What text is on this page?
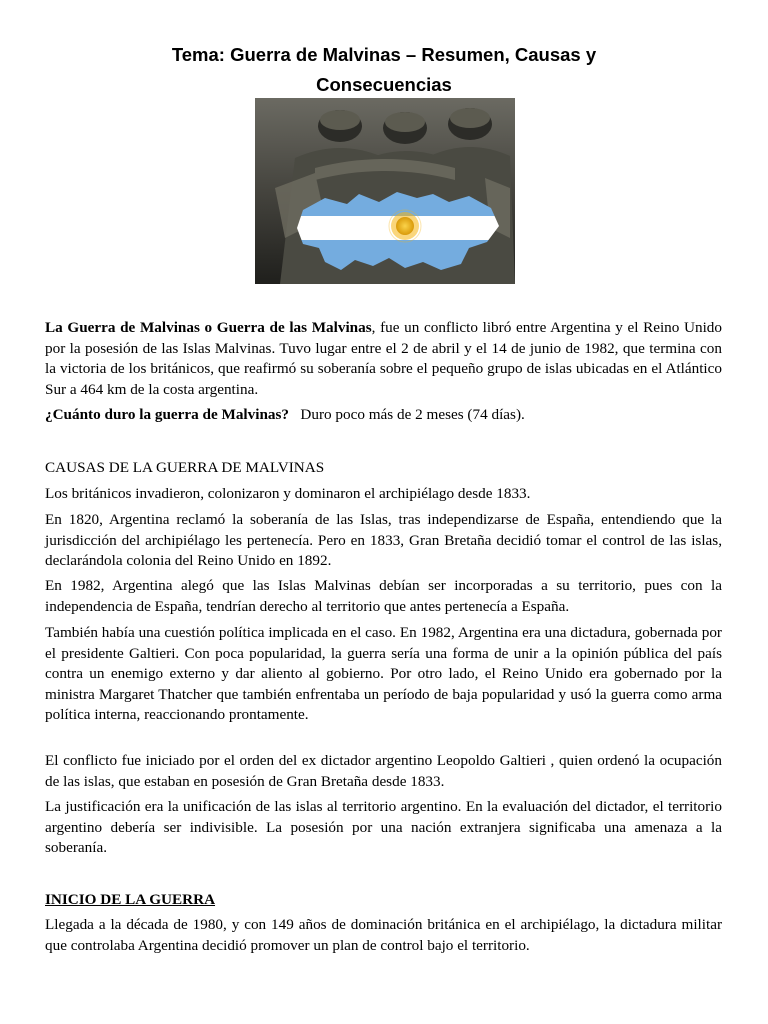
Tema: Guerra de Malvinas – Resumen, Causas y
Consecuencias

La Guerra de Malvinas o Guerra de las Malvinas, fue un conflicto libró entre Argentina y el Reino Unido por la posesión de las Islas Malvinas. Tuvo lugar entre el 2 de abril y el 14 de junio de 1982, que termina con la victoria de los británicos, que reafirmó su soberanía sobre el pequeño grupo de islas ubicadas en el Atlántico Sur a 464 km de la costa argentina.

¿Cuánto duro la guerra de Malvinas? Duro poco más de 2 meses (74 días).

CAUSAS DE LA GUERRA DE MALVINAS

Los británicos invadieron, colonizaron y dominaron el archipiélago desde 1833.

En 1820, Argentina reclamó la soberanía de las Islas, tras independizarse de España, entendiendo que la jurisdicción del archipiélago les pertenecía. Pero en 1833, Gran Bretaña decidió tomar el control de las islas, declarándola colonia del Reino Unido en 1892.

En 1982, Argentina alegó que las Islas Malvinas debían ser incorporadas a su territorio, pues con la independencia de España, tendrían derecho al territorio que antes pertenecía a España.

También había una cuestión política implicada en el caso. En 1982, Argentina era una dictadura, gobernada por el presidente Galtieri. Con poca popularidad, la guerra sería una forma de unir a la opinión pública del país contra un enemigo externo y dar aliento al gobierno. Por otro lado, el Reino Unido era gobernado por la ministra Margaret Thatcher que también enfrentaba un período de baja popularidad y usó la guerra como arma política interna, reaccionando prontamente.

El conflicto fue iniciado por el orden del ex dictador argentino Leopoldo Galtieri , quien ordenó la ocupación de las islas, que estaban en posesión de Gran Bretaña desde 1833.

La justificación era la unificación de las islas al territorio argentino. En la evaluación del dictador, el territorio argentino debería ser indivisible. La posesión por una nación extranjera significaba una amenaza a la soberanía.

INICIO DE LA GUERRA

Llegada a la década de 1980, y con 149 años de dominación británica en el archipiélago, la dictadura militar que controlaba Argentina decidió promover un plan de control bajo el territorio.
